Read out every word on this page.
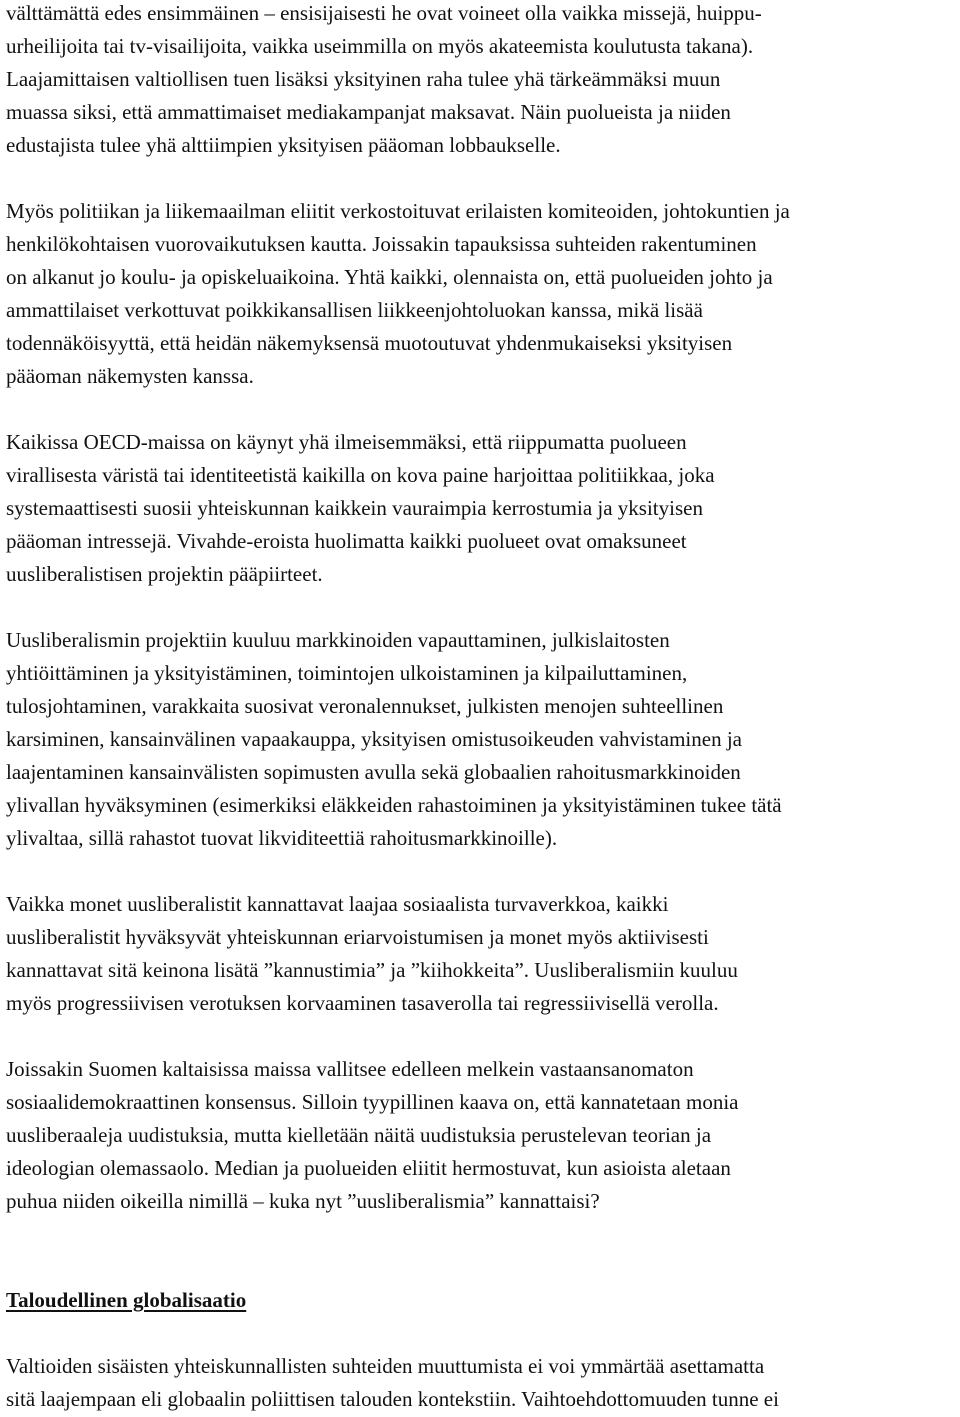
välttämättä edes ensimmäinen – ensisijaisesti he ovat voineet olla vaikka missejä, huippu-
urheilijoita tai tv-visailijoita, vaikka useimmilla on myös akateemista koulutusta takana).
Laajamittaisen valtiollisen tuen lisäksi yksityinen raha tulee yhä tärkeämmäksi muun
muassa siksi, että ammattimaiset mediakampanjat maksavat. Näin puolueista ja niiden
edustajista tulee yhä alttiimpien yksityisen pääoman lobbaukselle.

Myös politiikan ja liikemaailman eliitit verkostoituvat erilaisten komiteoiden, johtokuntien ja
henkilökohtaisen vuorovaikutuksen kautta. Joissakin tapauksissa suhteiden rakentuminen
on alkanut jo koulu- ja opiskeluaikoina. Yhtä kaikki, olennaista on, että puolueiden johto ja
ammattilaiset verkottuvat poikkikansallisen liikkeenjohtoluokan kanssa, mikä lisää
todennäköisyyttä, että heidän näkemyksensä muotoutuvat yhdenmukaiseksi yksityisen
pääoman näkemysten kanssa.

Kaikissa OECD-maissa on käynyt yhä ilmeisemmäksi, että riippumatta puolueen
virallisesta väristä tai identiteetistä kaikilla on kova paine harjoittaa politiikkaa, joka
systemaattisesti suosii yhteiskunnan kaikkein vauraimpia kerrostumia ja yksityisen
pääoman intressejä. Vivahde-eroista huolimatta kaikki puolueet ovat omaksuneet
uusliberalistisen projektin pääpiirteet.

Uusliberalismin projektiin kuuluu markkinoiden vapauttaminen, julkislaitosten
yhtiöittäminen ja yksityistäminen, toimintojen ulkoistaminen ja kilpailuttaminen,
tulosjohtaminen, varakkaita suosivat veronalennukset, julkisten menojen suhteellinen
karsiminen, kansainvälinen vapaakauppa, yksityisen omistusoikeuden vahvistaminen ja
laajentaminen kansainvälisten sopimusten avulla sekä globaalien rahoitusmarkkinoiden
ylivallan hyväksyminen (esimerkiksi eläkkeiden rahastoiminen ja yksityistäminen tukee tätä
ylivaltaa, sillä rahastot tuovat likviditeettiä rahoitusmarkkinoille).

Vaikka monet uusliberalistit kannattavat laajaa sosiaalista turvaverkkoa, kaikki
uusliberalistit hyväksyvät yhteiskunnan eriarvoistumisen ja monet myös aktiivisesti
kannattavat sitä keinona lisätä ”kannustimia” ja ”kiihokkeita”. Uusliberalismiin kuuluu
myös progressiivisen verotuksen korvaaminen tasaverolla tai regressiivisellä verolla.

Joissakin Suomen kaltaisissa maissa vallitsee edelleen melkein vastaansanomaton
sosiaalidemokraattinen konsensus. Silloin tyypillinen kaava on, että kannatetaan monia
uusliberaaleja uudistuksia, mutta kielletään näitä uudistuksia perustelevan teorian ja
ideologian olemassaolo. Median ja puolueiden eliitit hermostuvat, kun asioista aletaan
puhua niiden oikeilla nimillä – kuka nyt ”uusliberalismia” kannattaisi?

Taloudellinen globalisaatio

Valtioiden sisäisten yhteiskunnallisten suhteiden muuttumista ei voi ymmärtää asettamatta
sitä laajempaan eli globaalin poliittisen talouden kontekstiin. Vaihtoehdottomuuden tunne ei
